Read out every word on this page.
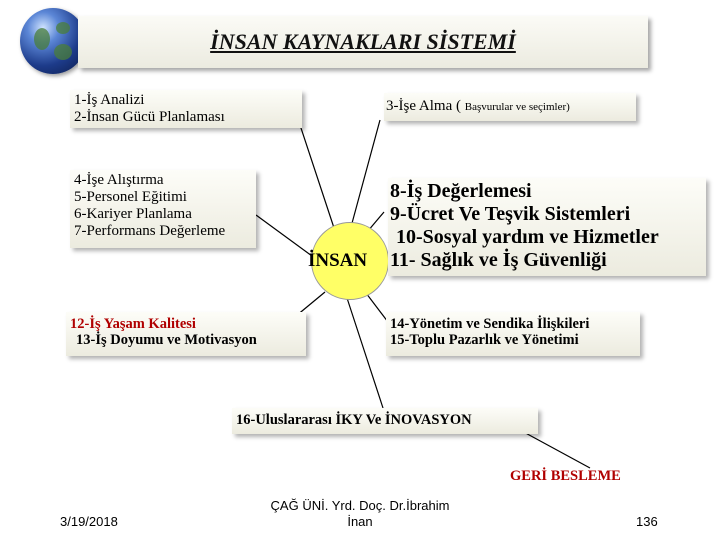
İNSAN KAYNAKLARI SİSTEMİ
1-İş Analizi
2-İnsan Gücü Planlaması
3-İşe Alma ( Başvurular ve seçimler)
4-İşe Alıştırma
5-Personel Eğitimi
6-Kariyer Planlama
7-Performans Değerleme
İNSAN
8-İş Değerlemesi
9-Ücret Ve Teşvik Sistemleri
10-Sosyal yardım ve Hizmetler
11- Sağlık ve İş Güvenliği
12-İş Yaşam Kalitesi
13-İş Doyumu ve Motivasyon
14-Yönetim ve Sendika İlişkileri
15-Toplu Pazarlık ve Yönetimi
16-Uluslararası İKY Ve İNOVASYON
GERİ BESLEME
3/19/2018
ÇAĞ ÜNİ. Yrd. Doç. Dr.İbrahim
İnan	136
